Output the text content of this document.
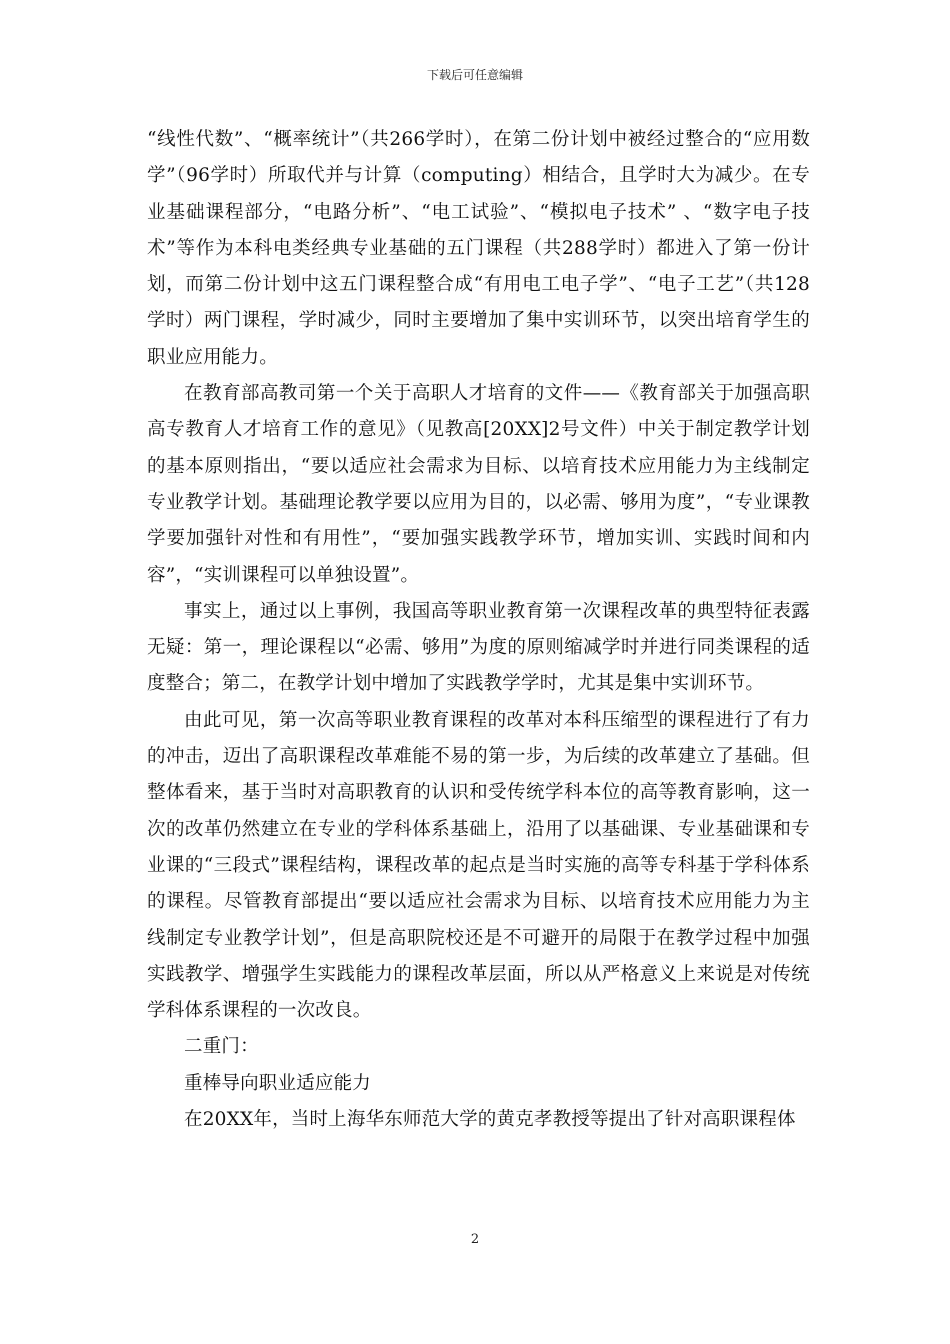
下载后可任意编辑

“线性代数”、“概率统计”（共266学时），在第二份计划中被经过整合的“应用数学”（96学时）所取代并与计算（computing）相结合，且学时大为减少。在专业基础课程部分，“电路分析”、“电工试验”、“模拟电子技术” 、“数字电子技术”等作为本科电类经典专业基础的五门课程（共288学时）都进入了第一份计划，而第二份计划中这五门课程整合成“有用电工电子学”、“电子工艺”（共128学时）两门课程，学时减少，同时主要增加了集中实训环节，以突出培育学生的职业应用能力。

在教育部高教司第一个关于高职人才培育的文件——《教育部关于加强高职高专教育人才培育工作的意见》（见教高[20XX]2号文件）中关于制定教学计划的基本原则指出，“要以适应社会需求为目标、以培育技术应用能力为主线制定专业教学计划。基础理论教学要以应用为目的，以必需、够用为度”，“专业课教学要加强针对性和有用性”，“要加强实践教学环节，增加实训、实践时间和内容”，“实训课程可以单独设置”。

事实上，通过以上事例，我国高等职业教育第一次课程改革的典型特征表露无疑：第一，理论课程以“必需、够用”为度的原则缩减学时并进行同类课程的适度整合；第二，在教学计划中增加了实践教学学时，尤其是集中实训环节。

由此可见，第一次高等职业教育课程的改革对本科压缩型的课程进行了有力的冲击，迈出了高职课程改革难能不易的第一步，为后续的改革建立了基础。但整体看来，基于当时对高职教育的认识和受传统学科本位的高等教育影响，这一次的改革仍然建立在专业的学科体系基础上，沿用了以基础课、专业基础课和专业课的“三段式”课程结构，课程改革的起点是当时实施的高等专科基于学科体系的课程。尽管教育部提出“要以适应社会需求为目标、以培育技术应用能力为主线制定专业教学计划”，但是高职院校还是不可避开的局限于在教学过程中加强实践教学、增强学生实践能力的课程改革层面，所以从严格意义上来说是对传统学科体系课程的一次改良。

二重门：

重棒导向职业适应能力

在20XX年，当时上海华东师范大学的黄克孝教授等提出了针对高职课程体

2
